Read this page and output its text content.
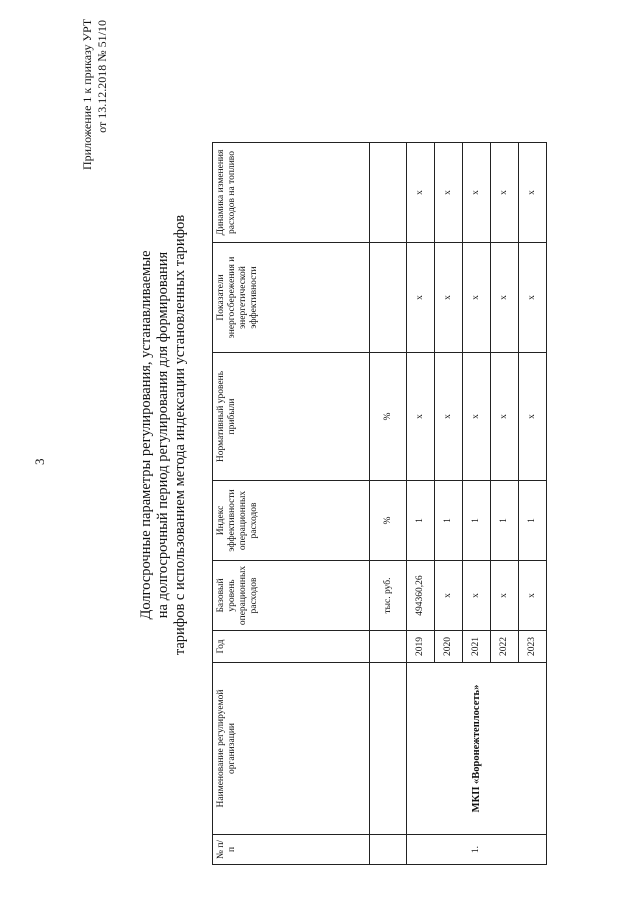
3
Приложение 1 к приказу УРТ от 13.12.2018 № 51/10
Долгосрочные параметры регулирования, устанавливаемые на долгосрочный период регулирования для формирования тарифов с использованием метода индексации установленных тарифов
№ п/п	Наименование регулируемой организации	Год	Базовый уровень операционных расходов	Индекс эффективности операционных расходов	Нормативный уровень прибыли	Показатели энергосбережения и энергетической эффективности	Динамика изменения расходов на топливо
			тыс. руб.	%	%		
1.	МКП «Воронежтеплосеть»	2019	494360,26	1	х	х	х
		2020	х	1	х	х	х
		2021	х	1	х	х	х
		2022	х	1	х	х	х
		2023	х	1	х	х	х
